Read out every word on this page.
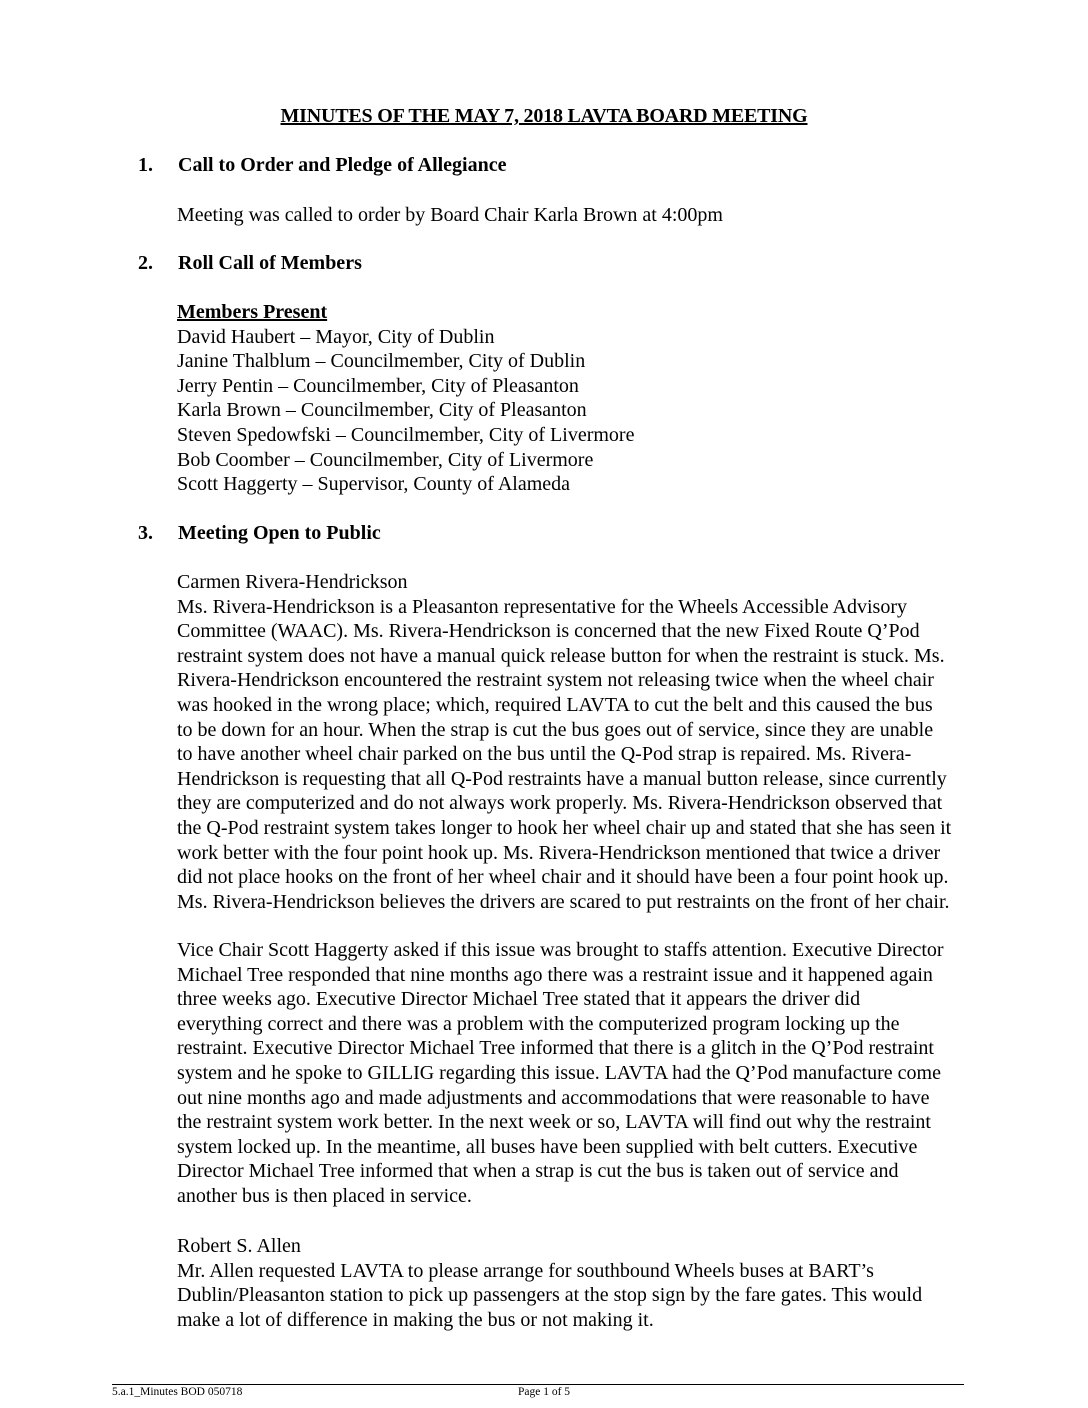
MINUTES OF THE MAY 7, 2018 LAVTA BOARD MEETING
1. Call to Order and Pledge of Allegiance
Meeting was called to order by Board Chair Karla Brown at 4:00pm
2. Roll Call of Members
Members Present
David Haubert – Mayor, City of Dublin
Janine Thalblum – Councilmember, City of Dublin
Jerry Pentin – Councilmember, City of Pleasanton
Karla Brown – Councilmember, City of Pleasanton
Steven Spedowfski – Councilmember, City of Livermore
Bob Coomber – Councilmember, City of Livermore
Scott Haggerty – Supervisor, County of Alameda
3. Meeting Open to Public
Carmen Rivera-Hendrickson
Ms. Rivera-Hendrickson is a Pleasanton representative for the Wheels Accessible Advisory
Committee (WAAC). Ms. Rivera-Hendrickson is concerned that the new Fixed Route Q’Pod
restraint system does not have a manual quick release button for when the restraint is stuck. Ms.
Rivera-Hendrickson encountered the restraint system not releasing twice when the wheel chair
was hooked in the wrong place; which, required LAVTA to cut the belt and this caused the bus
to be down for an hour. When the strap is cut the bus goes out of service, since they are unable
to have another wheel chair parked on the bus until the Q-Pod strap is repaired. Ms. Rivera-
Hendrickson is requesting that all Q-Pod restraints have a manual button release, since currently
they are computerized and do not always work properly. Ms. Rivera-Hendrickson observed that
the Q-Pod restraint system takes longer to hook her wheel chair up and stated that she has seen it
work better with the four point hook up. Ms. Rivera-Hendrickson mentioned that twice a driver
did not place hooks on the front of her wheel chair and it should have been a four point hook up.
Ms. Rivera-Hendrickson believes the drivers are scared to put restraints on the front of her chair.
Vice Chair Scott Haggerty asked if this issue was brought to staffs attention. Executive Director
Michael Tree responded that nine months ago there was a restraint issue and it happened again
three weeks ago. Executive Director Michael Tree stated that it appears the driver did
everything correct and there was a problem with the computerized program locking up the
restraint. Executive Director Michael Tree informed that there is a glitch in the Q’Pod restraint
system and he spoke to GILLIG regarding this issue. LAVTA had the Q’Pod manufacture come
out nine months ago and made adjustments and accommodations that were reasonable to have
the restraint system work better. In the next week or so, LAVTA will find out why the restraint
system locked up. In the meantime, all buses have been supplied with belt cutters. Executive
Director Michael Tree informed that when a strap is cut the bus is taken out of service and
another bus is then placed in service.
Robert S. Allen
Mr. Allen requested LAVTA to please arrange for southbound Wheels buses at BART’s
Dublin/Pleasanton station to pick up passengers at the stop sign by the fare gates. This would
make a lot of difference in making the bus or not making it.
5.a.1_Minutes BOD 050718	Page 1 of 5
